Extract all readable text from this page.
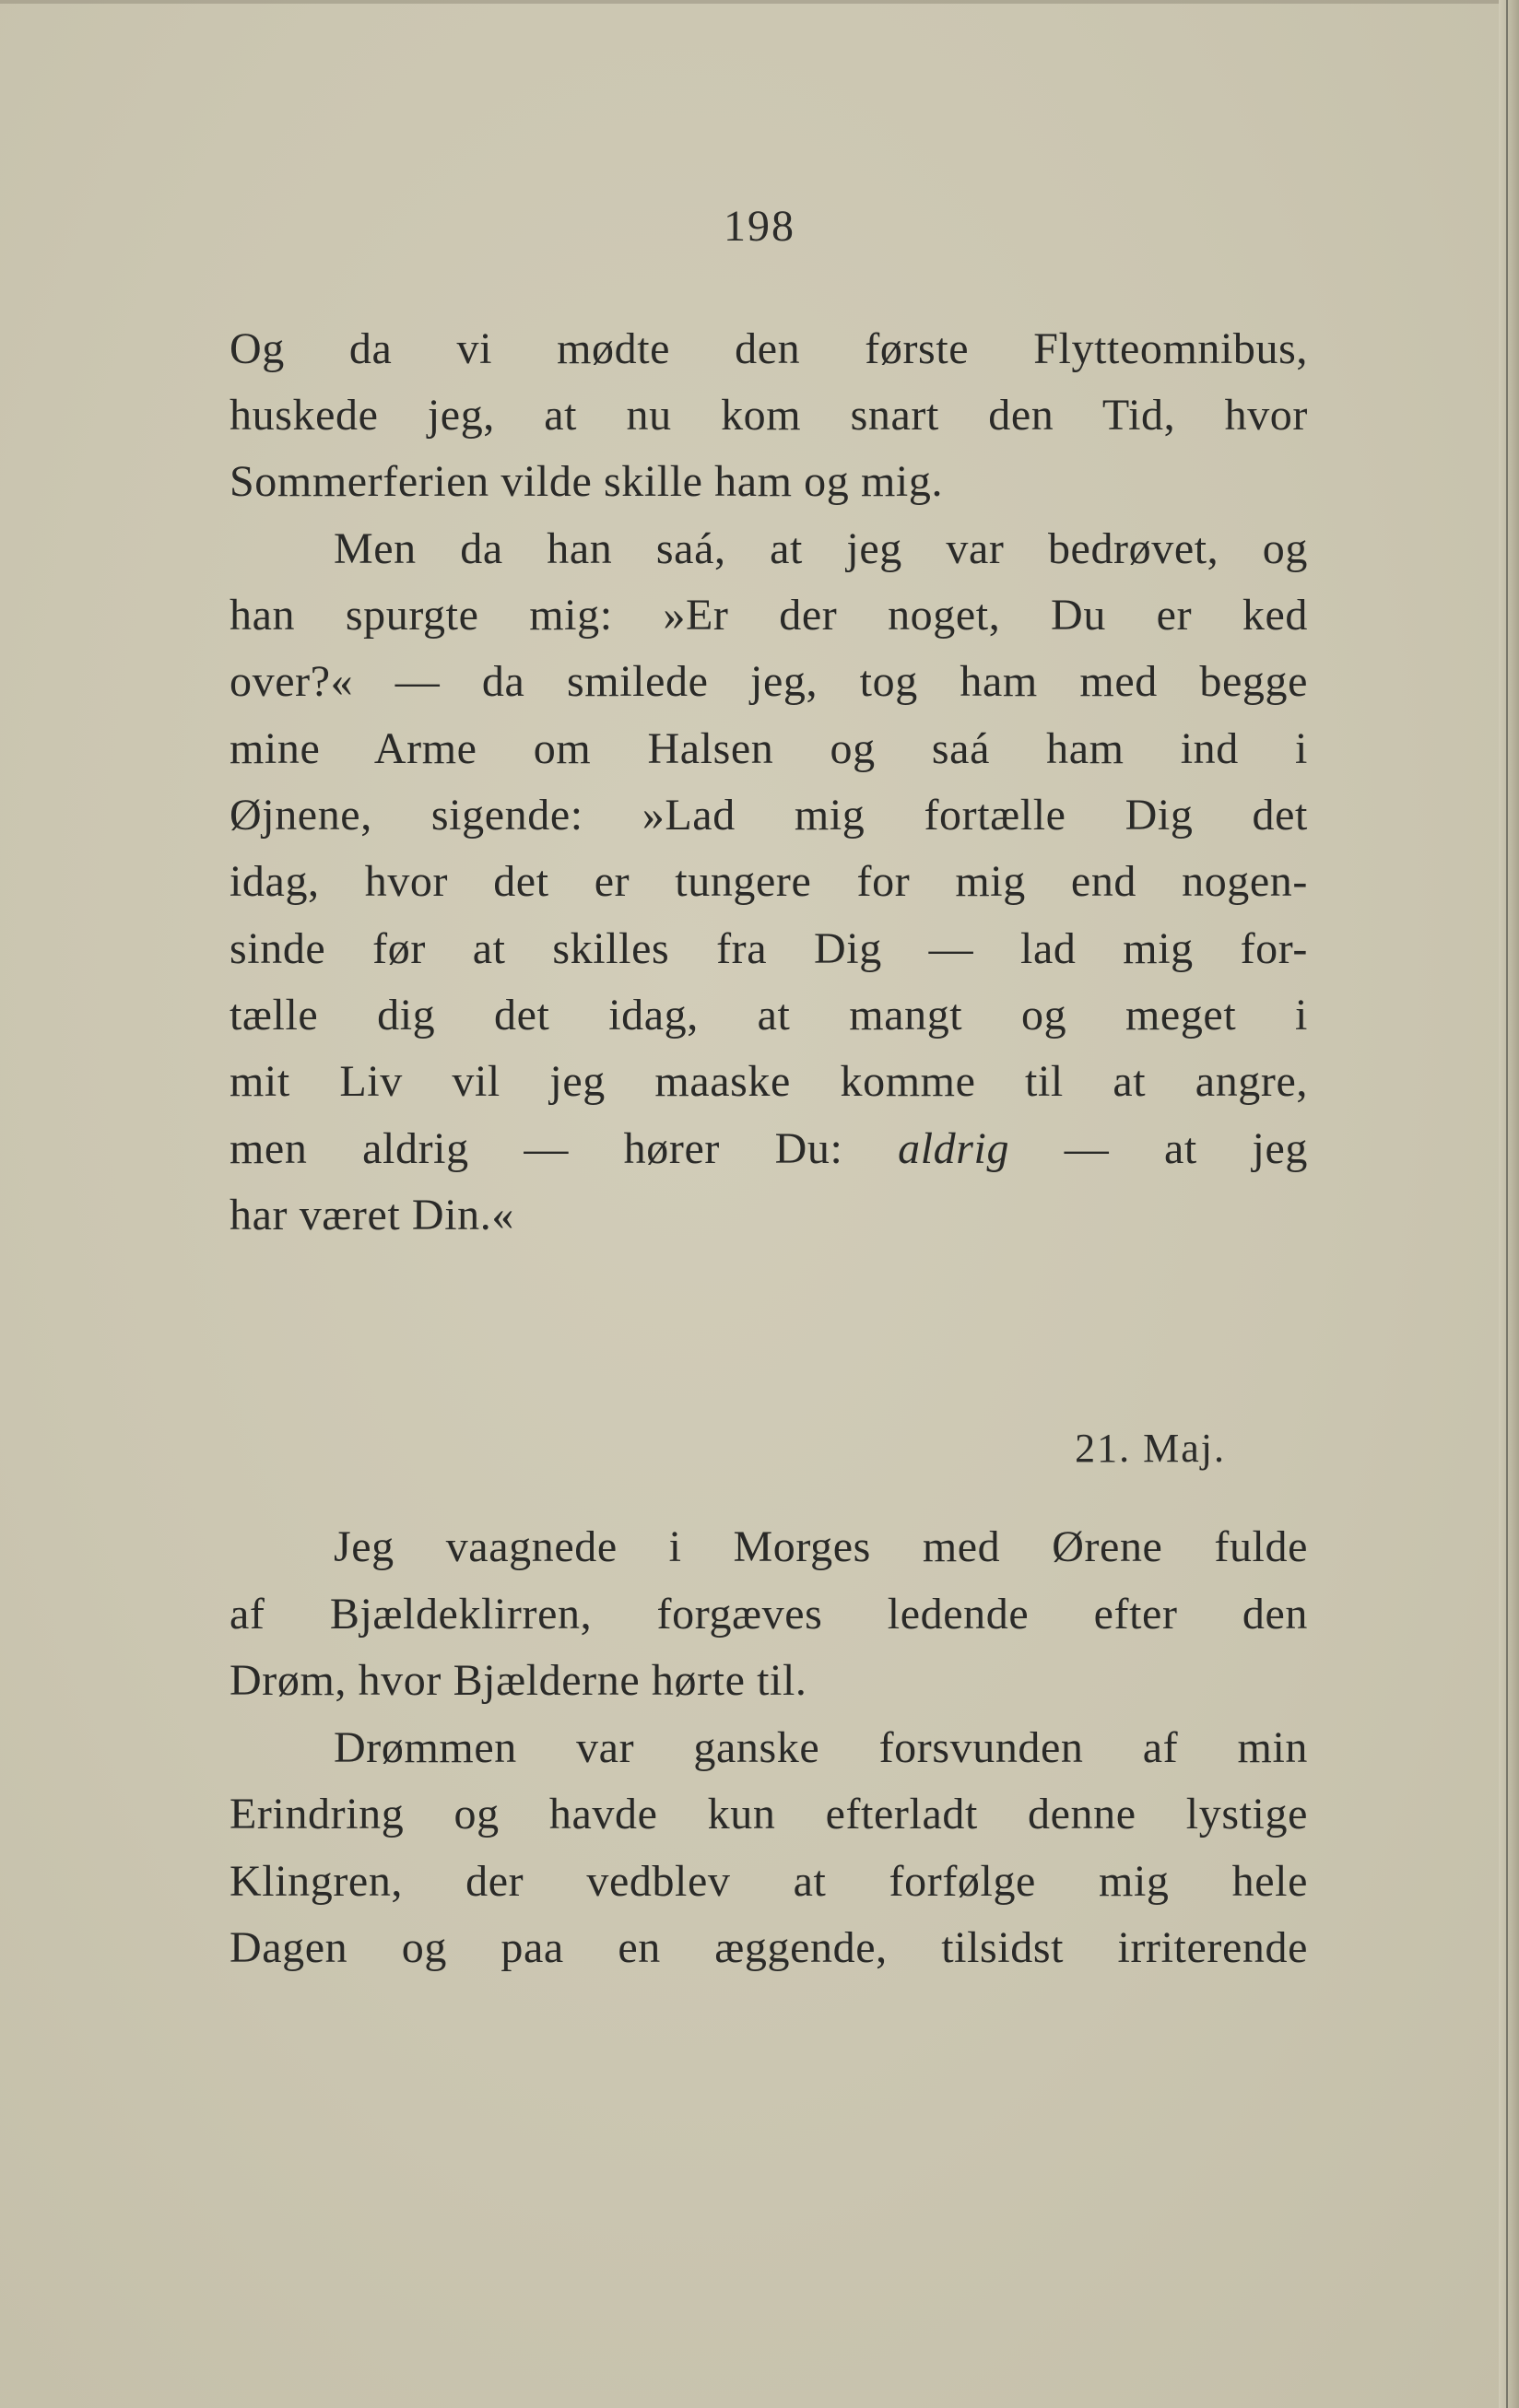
198
Og da vi mødte den første Flytteomnibus,
huskede jeg, at nu kom snart den Tid, hvor
Sommerferien vilde skille ham og mig.
Men da han saá, at jeg var bedrøvet, og
han spurgte mig: »Er der noget, Du er ked
over?« — da smilede jeg, tog ham med begge
mine Arme om Halsen og saá ham ind i
Øjnene, sigende: »Lad mig fortælle Dig det
idag, hvor det er tungere for mig end nogen-
sinde før at skilles fra Dig — lad mig for-
tælle dig det idag, at mangt og meget i
mit Liv vil jeg maaske komme til at angre,
men aldrig — hører Du: aldrig — at jeg
har været Din.«
21. Maj.
Jeg vaagnede i Morges med Ørene fulde
af Bjældeklirren, forgæves ledende efter den
Drøm, hvor Bjælderne hørte til.
Drømmen var ganske forsvunden af min
Erindring og havde kun efterladt denne lystige
Klingren, der vedblev at forfølge mig hele
Dagen og paa en æggende, tilsidst irriterende
